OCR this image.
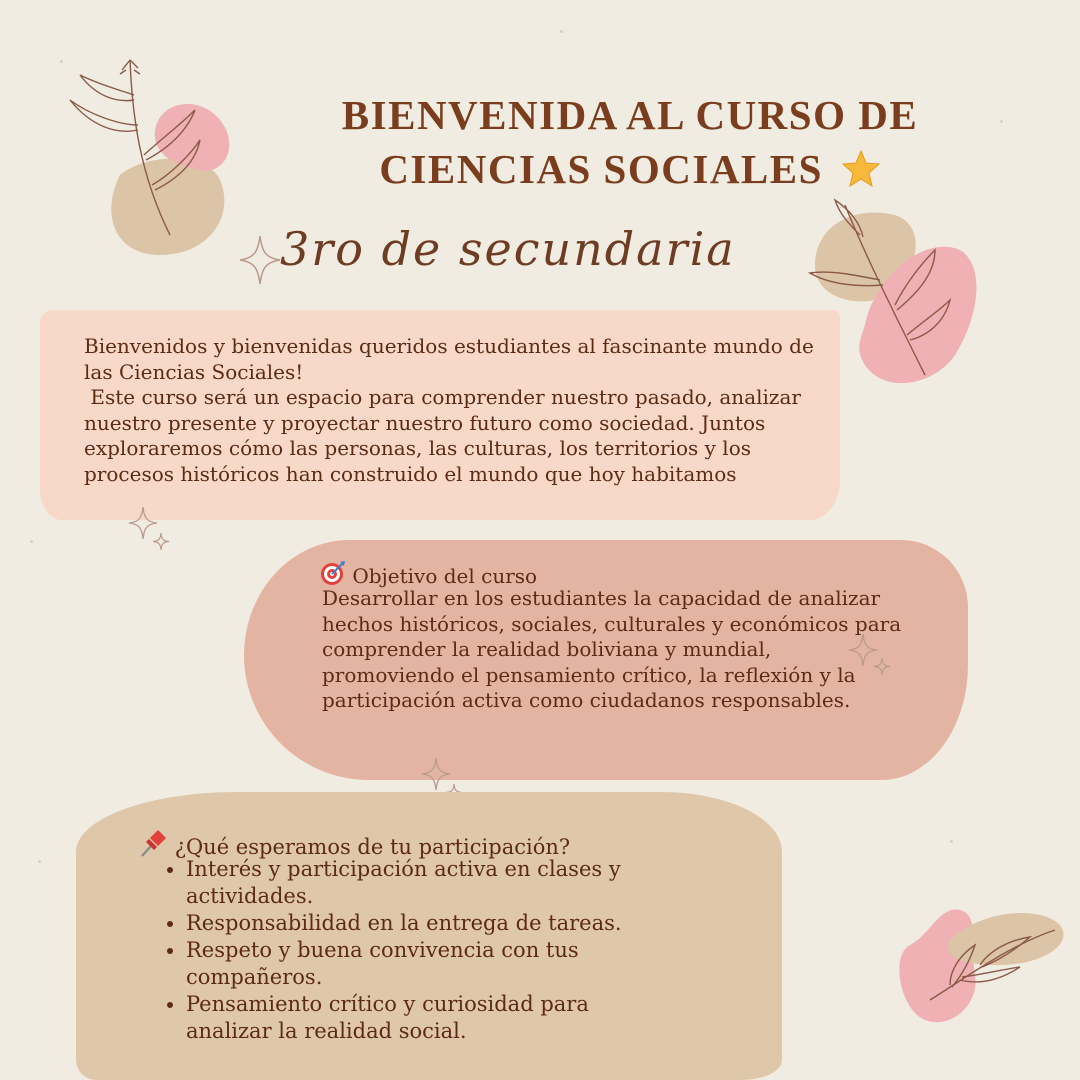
BIENVENIDA AL CURSO DE
CIENCIAS SOCIALES
3ro de secundaria
Bienvenidos y bienvenidas queridos estudiantes al fascinante mundo de
las Ciencias Sociales!
Este curso será un espacio para comprender nuestro pasado, analizar
nuestro presente y proyectar nuestro futuro como sociedad. Juntos
exploraremos cómo las personas, las culturas, los territorios y los
procesos históricos han construido el mundo que hoy habitamos
Objetivo del curso
Desarrollar en los estudiantes la capacidad de analizar hechos históricos, sociales, culturales y económicos para comprender la realidad boliviana y mundial, promoviendo el pensamiento crítico, la reflexión y la participación activa como ciudadanos responsables.
¿Qué esperamos de tu participación?
• Interés y participación activa en clases y actividades.
• Responsabilidad en la entrega de tareas.
• Respeto y buena convivencia con tus compañeros.
• Pensamiento crítico y curiosidad para analizar la realidad social.
